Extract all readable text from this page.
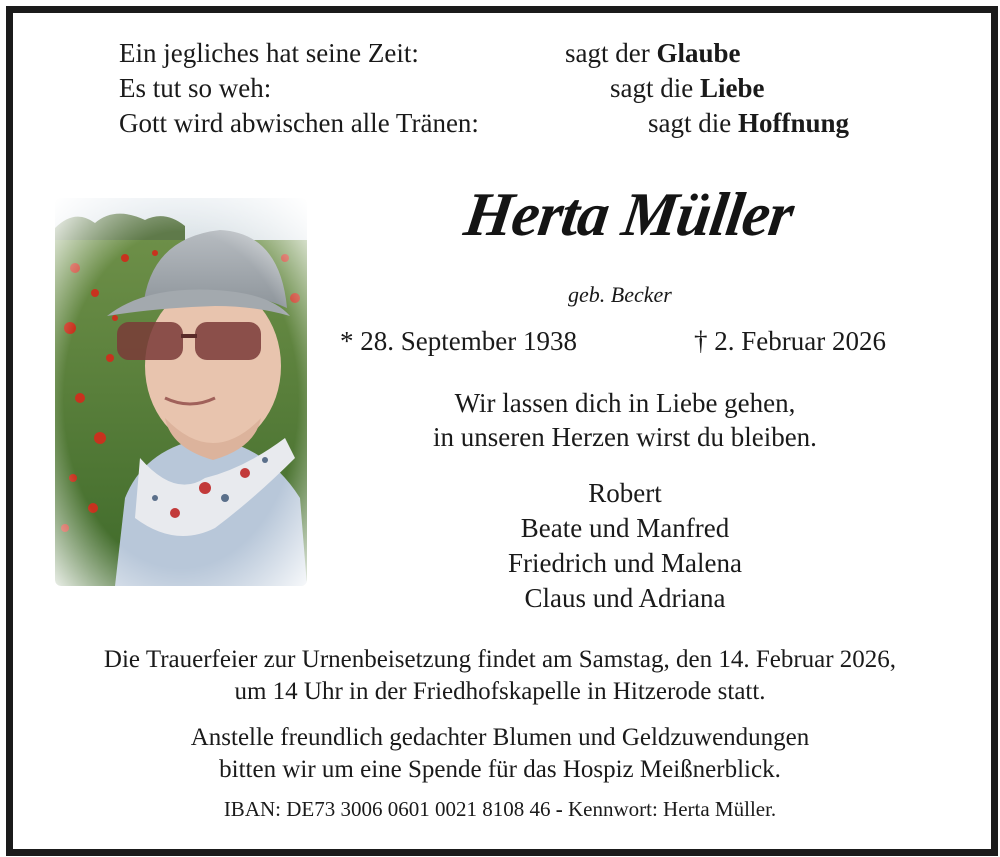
Ein jegliches hat seine Zeit:	sagt der Glaube
Es tut so weh:	sagt die Liebe
Gott wird abwischen alle Tränen:	sagt die Hoffnung
Herta Müller
geb. Becker
* 28. September 1938	† 2. Februar 2026
Wir lassen dich in Liebe gehen,
in unseren Herzen wirst du bleiben.
Robert
Beate und Manfred
Friedrich und Malena
Claus und Adriana
Die Trauerfeier zur Urnenbeisetzung findet am Samstag, den 14. Februar 2026,
um 14 Uhr in der Friedhofskapelle in Hitzerode statt.
Anstelle freundlich gedachter Blumen und Geldzuwendungen
bitten wir um eine Spende für das Hospiz Meißnerblick.
IBAN: DE73 3006 0601 0021 8108 46 - Kennwort: Herta Müller.
